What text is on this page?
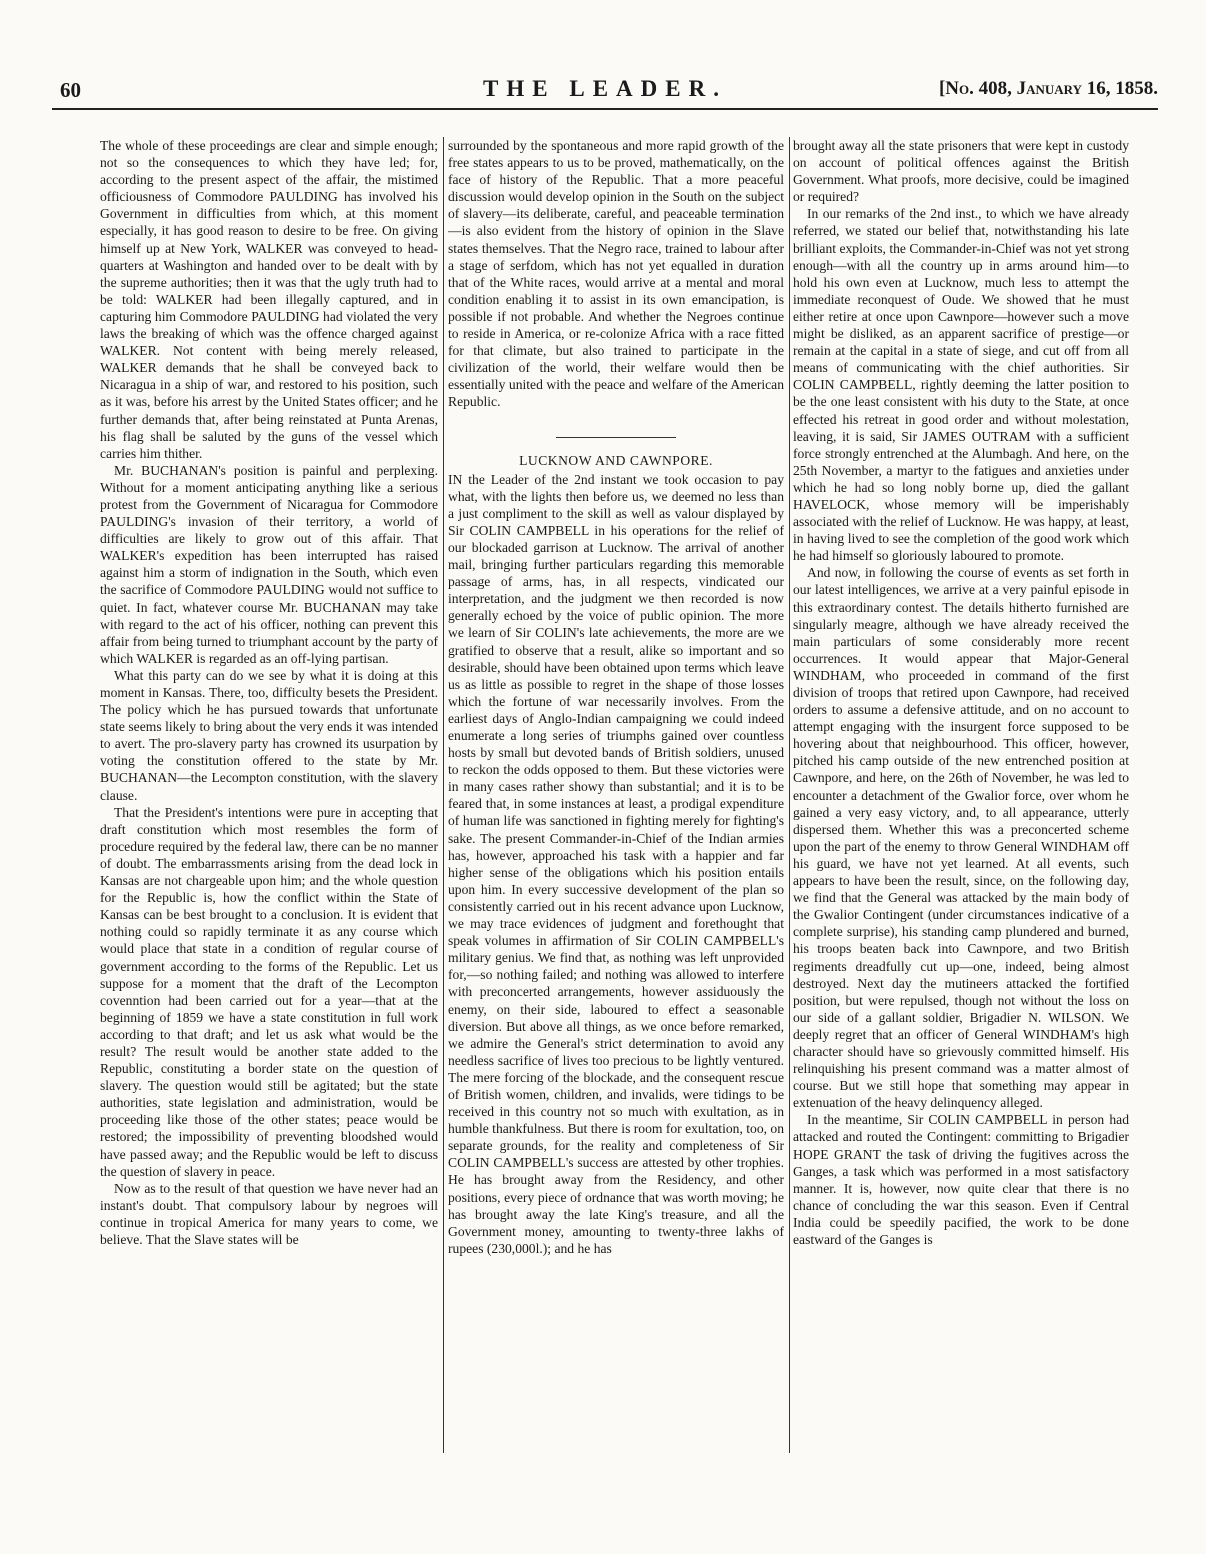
60	THE LEADER.	[No. 408, January 16, 1858.

The whole of these proceedings are clear and simple enough; not so the consequences to which they have led; for, according to the present aspect of the affair, the mistimed officiousness of Commodore PAULDING has involved his Government in difficulties from which, at this moment especially, it has good reason to desire to be free. On giving himself up at New York, WALKER was conveyed to head-quarters at Washington and handed over to be dealt with by the supreme authorities; then it was that the ugly truth had to be told: WALKER had been illegally captured, and in capturing him Commodore PAULDING had violated the very laws the breaking of which was the offence charged against WALKER. Not content with being merely released, WALKER demands that he shall be conveyed back to Nicaragua in a ship of war, and restored to his position, such as it was, before his arrest by the United States officer; and he further demands that, after being reinstated at Punta Arenas, his flag shall be saluted by the guns of the vessel which carries him thither.

Mr. BUCHANAN's position is painful and perplexing. Without for a moment anticipating anything like a serious protest from the Government of Nicaragua for Commodore PAULDING's invasion of their territory, a world of difficulties are likely to grow out of this affair. That WALKER's expedition has been interrupted has raised against him a storm of indignation in the South, which even the sacrifice of Commodore PAULDING would not suffice to quiet. In fact, whatever course Mr. BUCHANAN may take with regard to the act of his officer, nothing can prevent this affair from being turned to triumphant account by the party of which WALKER is regarded as an off-lying partisan.

What this party can do we see by what it is doing at this moment in Kansas. There, too, difficulty besets the President. The policy which he has pursued towards that unfortunate state seems likely to bring about the very ends it was intended to avert. The pro-slavery party has crowned its usurpation by voting the constitution offered to the state by Mr. BUCHANAN—the Lecompton constitution, with the slavery clause.

That the President's intentions were pure in accepting that draft constitution which most resembles the form of procedure required by the federal law, there can be no manner of doubt. The embarrassments arising from the dead lock in Kansas are not chargeable upon him; and the whole question for the Republic is, how the conflict within the State of Kansas can be best brought to a conclusion. It is evident that nothing could so rapidly terminate it as any course which would place that state in a condition of regular course of government according to the forms of the Republic. Let us suppose for a moment that the draft of the Lecompton covenntion had been carried out for a year—that at the beginning of 1859 we have a state constitution in full work according to that draft; and let us ask what would be the result? The result would be another state added to the Republic, constituting a border state on the question of slavery. The question would still be agitated; but the state authorities, state legislation and administration, would be proceeding like those of the other states; peace would be restored; the impossibility of preventing bloodshed would have passed away; and the Republic would be left to discuss the question of slavery in peace.

Now as to the result of that question we have never had an instant's doubt. That compulsory labour by negroes will continue in tropical America for many years to come, we believe. That the Slave states will be

surrounded by the spontaneous and more rapid growth of the free states appears to us to be proved, mathematically, on the face of history of the Republic. That a more peaceful discussion would develop opinion in the South on the subject of slavery—its deliberate, careful, and peaceable termination—is also evident from the history of opinion in the Slave states themselves. That the Negro race, trained to labour after a stage of serfdom, which has not yet equalled in duration that of the White races, would arrive at a mental and moral condition enabling it to assist in its own emancipation, is possible if not probable. And whether the Negroes continue to reside in America, or re-colonize Africa with a race fitted for that climate, but also trained to participate in the civilization of the world, their welfare would then be essentially united with the peace and welfare of the American Republic.

LUCKNOW AND CAWNPORE.

IN the Leader of the 2nd instant we took occasion to pay what, with the lights then before us, we deemed no less than a just compliment to the skill as well as valour displayed by Sir COLIN CAMPBELL in his operations for the relief of our blockaded garrison at Lucknow. The arrival of another mail, bringing further particulars regarding this memorable passage of arms, has, in all respects, vindicated our interpretation, and the judgment we then recorded is now generally echoed by the voice of public opinion. The more we learn of Sir COLIN's late achievements, the more are we gratified to observe that a result, alike so important and so desirable, should have been obtained upon terms which leave us as little as possible to regret in the shape of those losses which the fortune of war necessarily involves. From the earliest days of Anglo-Indian campaigning we could indeed enumerate a long series of triumphs gained over countless hosts by small but devoted bands of British soldiers, unused to reckon the odds opposed to them. But these victories were in many cases rather showy than substantial; and it is to be feared that, in some instances at least, a prodigal expenditure of human life was sanctioned in fighting merely for fighting's sake. The present Commander-in-Chief of the Indian armies has, however, approached his task with a happier and far higher sense of the obligations which his position entails upon him. In every successive development of the plan so consistently carried out in his recent advance upon Lucknow, we may trace evidences of judgment and forethought that speak volumes in affirmation of Sir COLIN CAMPBELL's military genius. We find that, as nothing was left unprovided for,—so nothing failed; and nothing was allowed to interfere with preconcerted arrangements, however assiduously the enemy, on their side, laboured to effect a seasonable diversion. But above all things, as we once before remarked, we admire the General's strict determination to avoid any needless sacrifice of lives too precious to be lightly ventured. The mere forcing of the blockade, and the consequent rescue of British women, children, and invalids, were tidings to be received in this country not so much with exultation, as in humble thankfulness. But there is room for exultation, too, on separate grounds, for the reality and completeness of Sir COLIN CAMPBELL's success are attested by other trophies. He has brought away from the Residency, and other positions, every piece of ordnance that was worth moving; he has brought away the late King's treasure, and all the Government money, amounting to twenty-three lakhs of rupees (230,000l.); and he has

brought away all the state prisoners that were kept in custody on account of political offences against the British Government. What proofs, more decisive, could be imagined or required?

In our remarks of the 2nd inst., to which we have already referred, we stated our belief that, notwithstanding his late brilliant exploits, the Commander-in-Chief was not yet strong enough—with all the country up in arms around him—to hold his own even at Lucknow, much less to attempt the immediate reconquest of Oude. We showed that he must either retire at once upon Cawnpore—however such a move might be disliked, as an apparent sacrifice of prestige—or remain at the capital in a state of siege, and cut off from all means of communicating with the chief authorities. Sir COLIN CAMPBELL, rightly deeming the latter position to be the one least consistent with his duty to the State, at once effected his retreat in good order and without molestation, leaving, it is said, Sir JAMES OUTRAM with a sufficient force strongly entrenched at the Alumbagh. And here, on the 25th November, a martyr to the fatigues and anxieties under which he had so long nobly borne up, died the gallant HAVELOCK, whose memory will be imperishably associated with the relief of Lucknow. He was happy, at least, in having lived to see the completion of the good work which he had himself so gloriously laboured to promote.

And now, in following the course of events as set forth in our latest intelligences, we arrive at a very painful episode in this extraordinary contest. The details hitherto furnished are singularly meagre, although we have already received the main particulars of some considerably more recent occurrences. It would appear that Major-General WINDHAM, who proceeded in command of the first division of troops that retired upon Cawnpore, had received orders to assume a defensive attitude, and on no account to attempt engaging with the insurgent force supposed to be hovering about that neighbourhood. This officer, however, pitched his camp outside of the new entrenched position at Cawnpore, and here, on the 26th of November, he was led to encounter a detachment of the Gwalior force, over whom he gained a very easy victory, and, to all appearance, utterly dispersed them. Whether this was a preconcerted scheme upon the part of the enemy to throw General WINDHAM off his guard, we have not yet learned. At all events, such appears to have been the result, since, on the following day, we find that the General was attacked by the main body of the Gwalior Contingent (under circumstances indicative of a complete surprise), his standing camp plundered and burned, his troops beaten back into Cawnpore, and two British regiments dreadfully cut up—one, indeed, being almost destroyed. Next day the mutineers attacked the fortified position, but were repulsed, though not without the loss on our side of a gallant soldier, Brigadier N. WILSON. We deeply regret that an officer of General WINDHAM's high character should have so grievously committed himself. His relinquishing his present command was a matter almost of course. But we still hope that something may appear in extenuation of the heavy delinquency alleged.

In the meantime, Sir COLIN CAMPBELL in person had attacked and routed the Contingent: committing to Brigadier HOPE GRANT the task of driving the fugitives across the Ganges, a task which was performed in a most satisfactory manner. It is, however, now quite clear that there is no chance of concluding the war this season. Even if Central India could be speedily pacified, the work to be done eastward of the Ganges is
